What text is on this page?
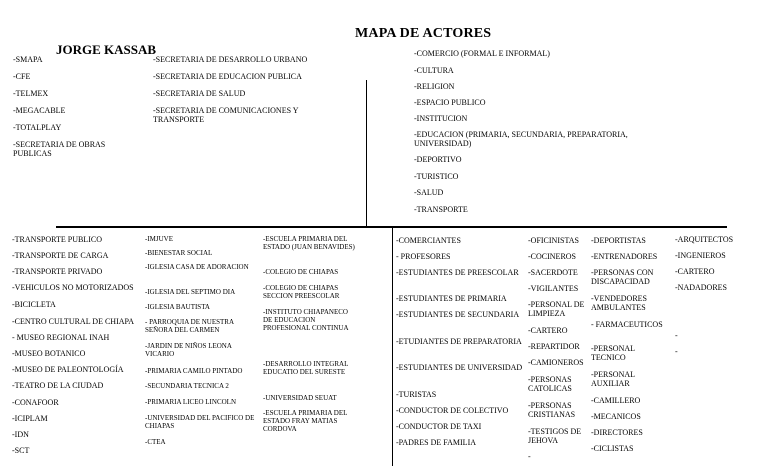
MAPA DE ACTORES
JORGE KASSAB
-SMAPA
-CFE
-TELMEX
-MEGACABLE
-TOTALPLAY
-SECRETARIA DE OBRAS PUBLICAS
-SECRETARIA DE DESARROLLO URBANO
-SECRETARIA DE EDUCACION PUBLICA
-SECRETARIA DE SALUD
-SECRETARIA DE COMUNICACIONES Y TRANSPORTE
-COMERCIO (FORMAL E INFORMAL)
-CULTURA
-RELIGION
-ESPACIO PUBLICO
-INSTITUCION
-EDUCACION (PRIMARIA, SECUNDARIA, PREPARATORIA, UNIVERSIDAD)
-DEPORTIVO
-TURISTICO
-SALUD
-TRANSPORTE
-TRANSPORTE PUBLICO
-TRANSPORTE DE CARGA
-TRANSPORTE PRIVADO
-VEHICULOS NO MOTORIZADOS
-BICICLETA
-CENTRO CULTURAL DE CHIAPA
- MUSEO REGIONAL INAH
-MUSEO BOTANICO
-MUSEO DE PALEONTOLOGÍA
-TEATRO DE LA CIUDAD
-CONAFOOR
-ICIPLAM
-IDN
-SCT
-IMJUVE
-BIENESTAR SOCIAL
-IGLESIA CASA DE ADORACION
-IGLESIA DEL SEPTIMO DIA
-IGLESIA BAUTISTA
- PARROQUIA DE NUESTRA SEÑORA DEL CARMEN
-JARDIN DE NIÑOS LEONA VICARIO
-PRIMARIA CAMILO PINTADO
-SECUNDARIA TECNICA 2
-PRIMARIA LICEO LINCOLN
-UNIVERSIDAD DEL PACIFICO DE CHIAPAS
-CTEA
-ESCUELA PRIMARIA DEL ESTADO (JUAN BENAVIDES)
-COLEGIO DE CHIAPAS
-COLEGIO DE CHIAPAS SECCION PREESCOLAR
-INSTITUTO CHIAPANECO DE EDUCACION PROFESIONAL CONTINUA
-DESARROLLO INTEGRAL EDUCATIO DEL SURESTE
-UNIVERSIDAD SEUAT
-ESCUELA PRIMARIA DEL ESTADO FRAY MATIAS CORDOVA
-COMERCIANTES
- PROFESORES
-ESTUDIANTES DE PREESCOLAR
-ESTUDIANTES DE PRIMARIA
-ESTUDIANTES DE SECUNDARIA
-ETUDIANTES DE PREPARATORIA
-ESTUDIANTES DE UNIVERSIDAD
-TURISTAS
-CONDUCTOR DE COLECTIVO
-CONDUCTOR DE TAXI
-PADRES DE FAMILIA
-OFICINISTAS
-COCINEROS
-SACERDOTE
-VIGILANTES
-PERSONAL DE LIMPIEZA
-CARTERO
-REPARTIDOR
-CAMIONEROS
-PERSONAS CATOLICAS
-PERSONAS CRISTIANAS
-TESTIGOS DE JEHOVA
-
-DEPORTISTAS
-ENTRENADORES
-PERSONAS CON DISCAPACIDAD
-VENDEDORES AMBULANTES
- FARMACEUTICOS
-PERSONAL TECNICO
-PERSONAL AUXILIAR
-CAMILLERO
-MECANICOS
-DIRECTORES
-CICLISTAS
-ARQUITECTOS
-INGENIEROS
-CARTERO
-NADADORES
-
-
